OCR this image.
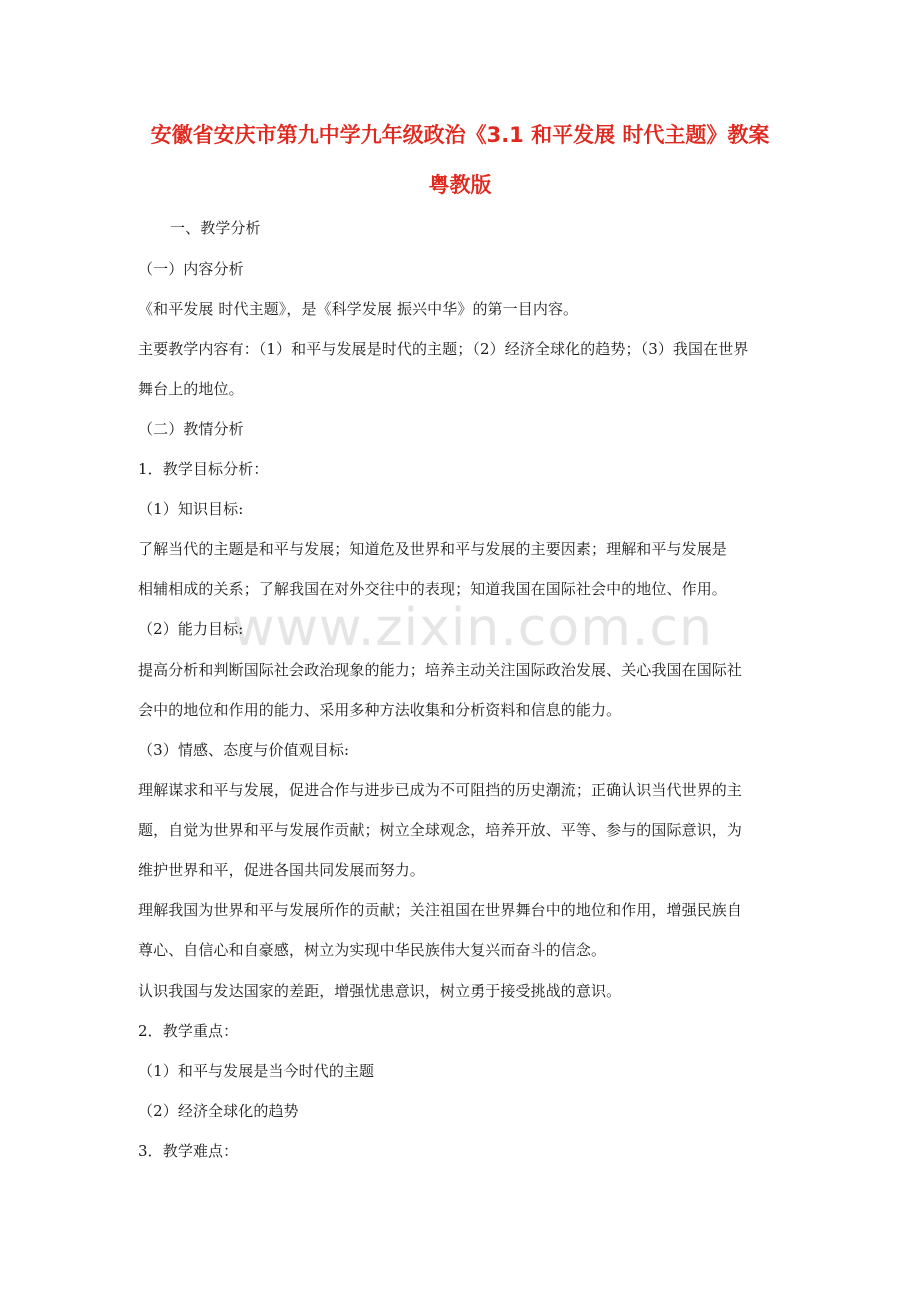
安徽省安庆市第九中学九年级政治《3.1 和平发展 时代主题》教案
粤教版
www.zixin.com.cn
一、教学分析
（一）内容分析
《和平发展 时代主题》，是《科学发展 振兴中华》的第一目内容。
主要教学内容有：（1）和平与发展是时代的主题；（2）经济全球化的趋势；（3）我国在世界
舞台上的地位。
（二）教情分析
1．教学目标分析：
（1）知识目标:
了解当代的主题是和平与发展；知道危及世界和平与发展的主要因素；理解和平与发展是
相辅相成的关系；了解我国在对外交往中的表现；知道我国在国际社会中的地位、作用。
（2）能力目标:
提高分析和判断国际社会政治现象的能力；培养主动关注国际政治发展、关心我国在国际社
会中的地位和作用的能力、采用多种方法收集和分析资料和信息的能力。
（3）情感、态度与价值观目标:
理解谋求和平与发展，促进合作与进步已成为不可阻挡的历史潮流；正确认识当代世界的主
题，自觉为世界和平与发展作贡献；树立全球观念，培养开放、平等、参与的国际意识，为
维护世界和平，促进各国共同发展而努力。
理解我国为世界和平与发展所作的贡献；关注祖国在世界舞台中的地位和作用，增强民族自
尊心、自信心和自豪感，树立为实现中华民族伟大复兴而奋斗的信念。
认识我国与发达国家的差距，增强忧患意识，树立勇于接受挑战的意识。
2．教学重点：
（1）和平与发展是当今时代的主题
（2）经济全球化的趋势
3．教学难点：
